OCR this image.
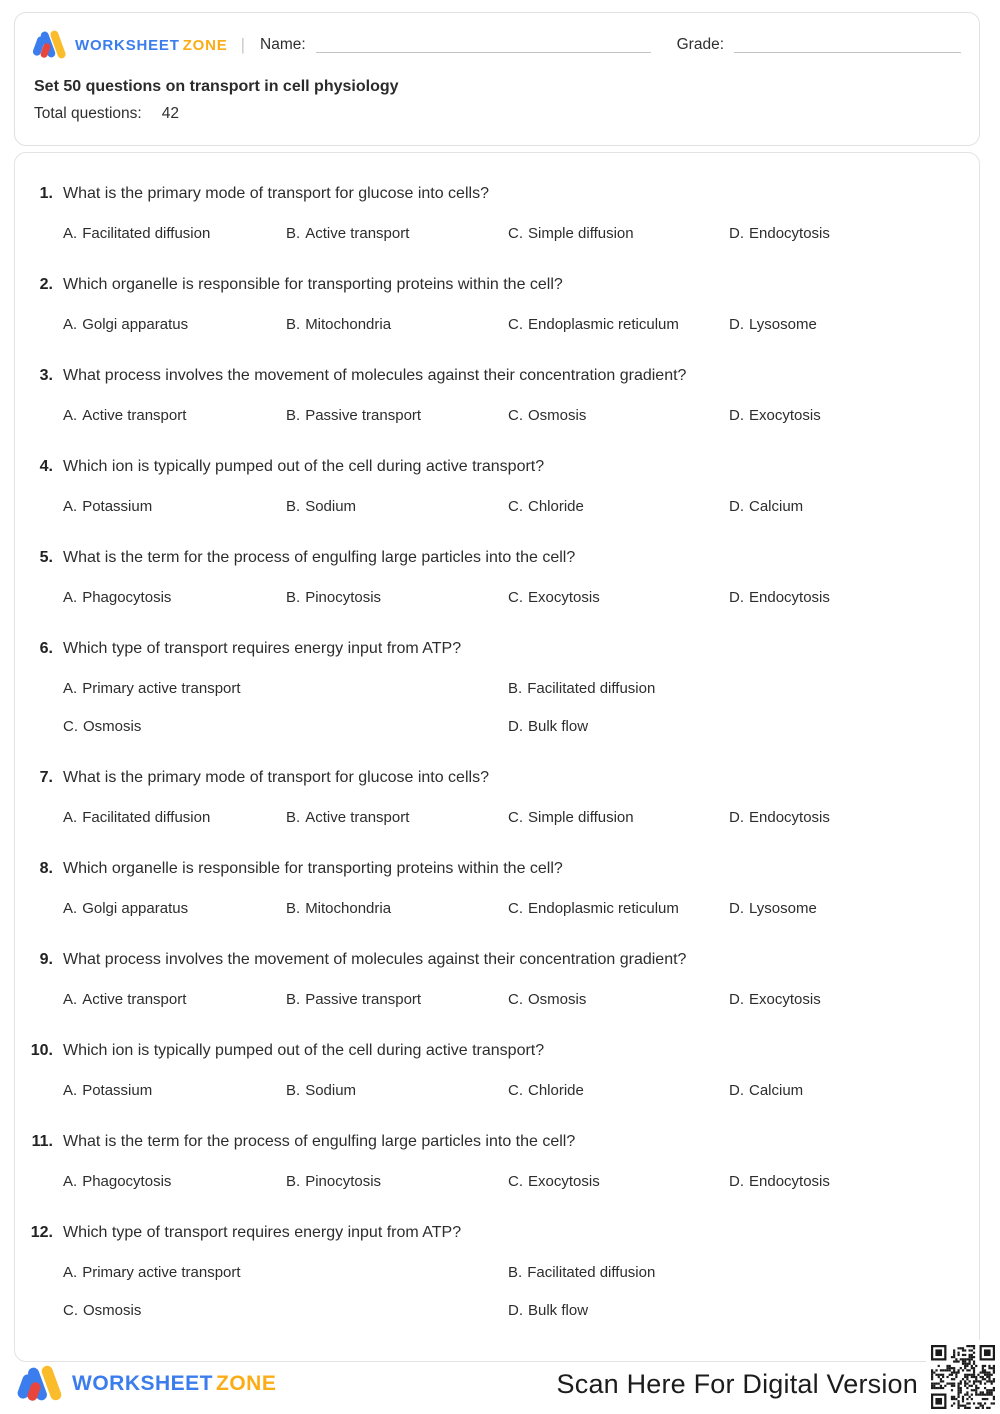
WORKSHEET ZONE | Name:	Grade:
Set 50 questions on transport in cell physiology
Total questions: 42
1. What is the primary mode of transport for glucose into cells?
A. Facilitated diffusion	B. Active transport	C. Simple diffusion	D. Endocytosis
2. Which organelle is responsible for transporting proteins within the cell?
A. Golgi apparatus	B. Mitochondria	C. Endoplasmic reticulum	D. Lysosome
3. What process involves the movement of molecules against their concentration gradient?
A. Active transport	B. Passive transport	C. Osmosis	D. Exocytosis
4. Which ion is typically pumped out of the cell during active transport?
A. Potassium	B. Sodium	C. Chloride	D. Calcium
5. What is the term for the process of engulfing large particles into the cell?
A. Phagocytosis	B. Pinocytosis	C. Exocytosis	D. Endocytosis
6. Which type of transport requires energy input from ATP?
A. Primary active transport	B. Facilitated diffusion
C. Osmosis	D. Bulk flow
7. What is the primary mode of transport for glucose into cells?
A. Facilitated diffusion	B. Active transport	C. Simple diffusion	D. Endocytosis
8. Which organelle is responsible for transporting proteins within the cell?
A. Golgi apparatus	B. Mitochondria	C. Endoplasmic reticulum	D. Lysosome
9. What process involves the movement of molecules against their concentration gradient?
A. Active transport	B. Passive transport	C. Osmosis	D. Exocytosis
10. Which ion is typically pumped out of the cell during active transport?
A. Potassium	B. Sodium	C. Chloride	D. Calcium
11. What is the term for the process of engulfing large particles into the cell?
A. Phagocytosis	B. Pinocytosis	C. Exocytosis	D. Endocytosis
12. Which type of transport requires energy input from ATP?
A. Primary active transport	B. Facilitated diffusion
C. Osmosis	D. Bulk flow
WORKSHEET ZONE	Scan Here For Digital Version
